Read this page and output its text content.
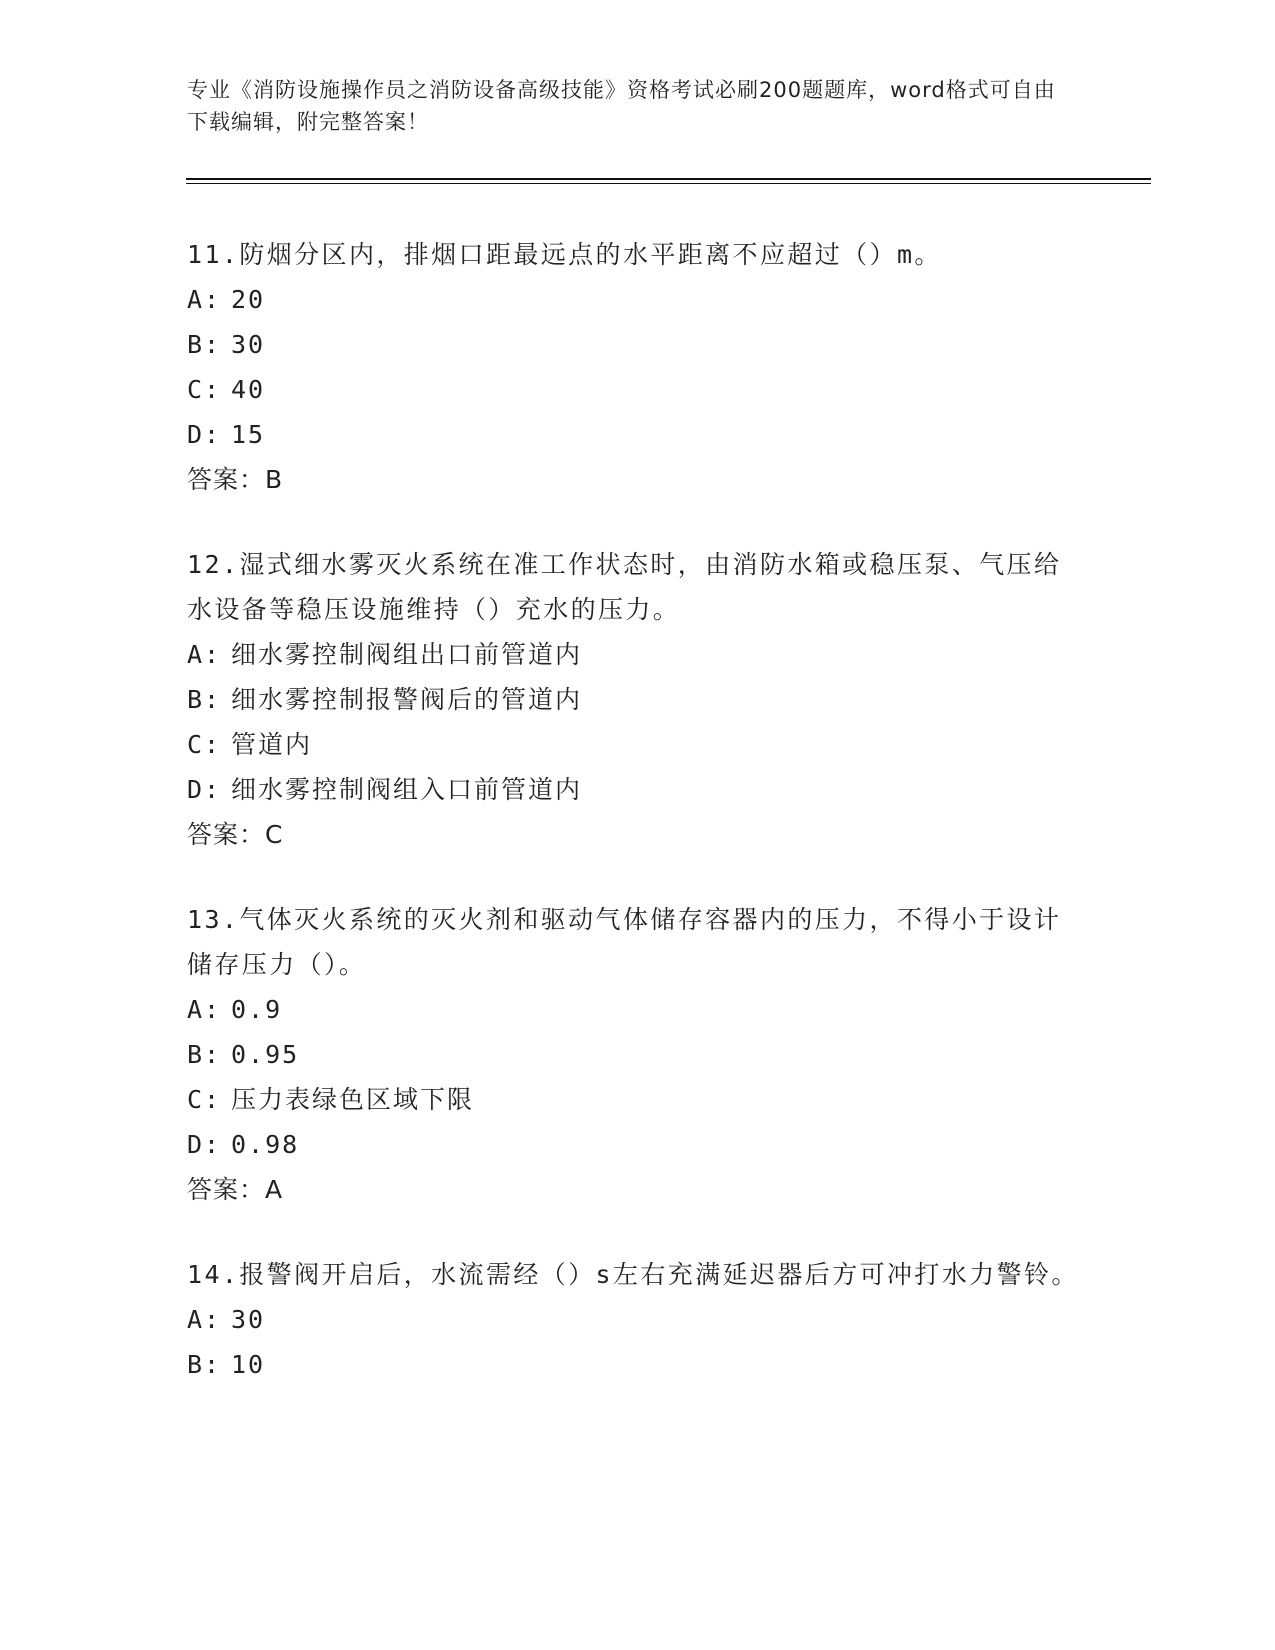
专业《消防设施操作员之消防设备高级技能》资格考试必刷200题题库，word格式可自由下载编辑，附完整答案！

11.防烟分区内，排烟口距最远点的水平距离不应超过（）m。

A: 20

B: 30

C: 40

D: 15

答案：B

12.湿式细水雾灭火系统在准工作状态时，由消防水箱或稳压泵、气压给水设备等稳压设施维持（）充水的压力。

A: 细水雾控制阀组出口前管道内

B: 细水雾控制报警阀后的管道内

C: 管道内

D: 细水雾控制阀组入口前管道内

答案：C

13.气体灭火系统的灭火剂和驱动气体储存容器内的压力，不得小于设计储存压力（）。

A: 0.9

B: 0.95

C: 压力表绿色区域下限

D: 0.98

答案：A

14.报警阀开启后，水流需经（）s左右充满延迟器后方可冲打水力警铃。

A: 30

B: 10
